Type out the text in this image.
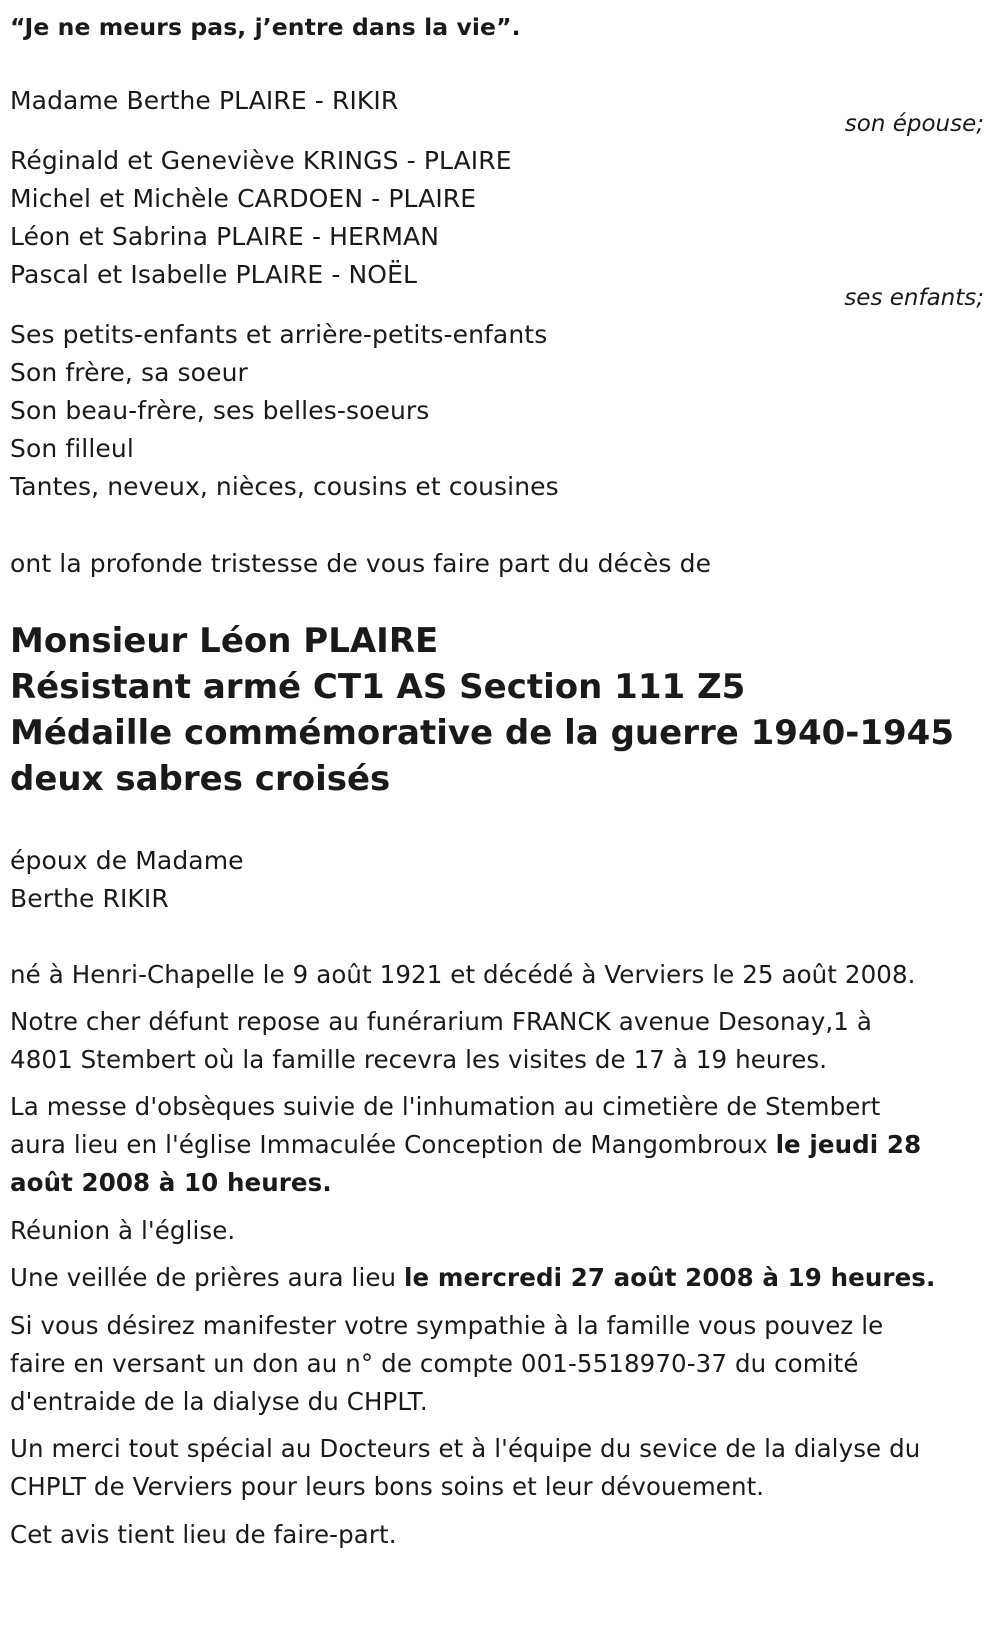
“Je ne meurs pas, j’entre dans la vie”.
Madame Berthe PLAIRE - RIKIR
son épouse;
Réginald et Geneviève KRINGS - PLAIRE
Michel et Michèle CARDOEN - PLAIRE
Léon et Sabrina PLAIRE - HERMAN
Pascal et Isabelle PLAIRE - NOËL
ses enfants;
Ses petits-enfants et arrière-petits-enfants
Son frère, sa soeur
Son beau-frère, ses belles-soeurs
Son filleul
Tantes, neveux, nièces, cousins et cousines
ont la profonde tristesse de vous faire part du décès de
Monsieur Léon PLAIRE
Résistant armé CT1 AS Section 111 Z5
Médaille commémorative de la guerre 1940-1945
deux sabres croisés
époux de Madame
Berthe RIKIR
né à Henri-Chapelle le 9 août 1921 et décédé à Verviers le 25 août 2008.
Notre cher défunt repose au funérarium FRANCK avenue Desonay,1 à
4801 Stembert où la famille recevra les visites de 17 à 19 heures.
La messe d'obsèques suivie de l'inhumation au cimetière de Stembert
aura lieu en l'église Immaculée Conception de Mangombroux le jeudi 28
août 2008 à 10 heures.
Réunion à l'église.
Une veillée de prières aura lieu le mercredi 27 août 2008 à 19 heures.
Si vous désirez manifester votre sympathie à la famille vous pouvez le
faire en versant un don au n° de compte 001-5518970-37 du comité
d'entraide de la dialyse du CHPLT.
Un merci tout spécial au Docteurs et à l'équipe du sevice de la dialyse du
CHPLT de Verviers pour leurs bons soins et leur dévouement.
Cet avis tient lieu de faire-part.
